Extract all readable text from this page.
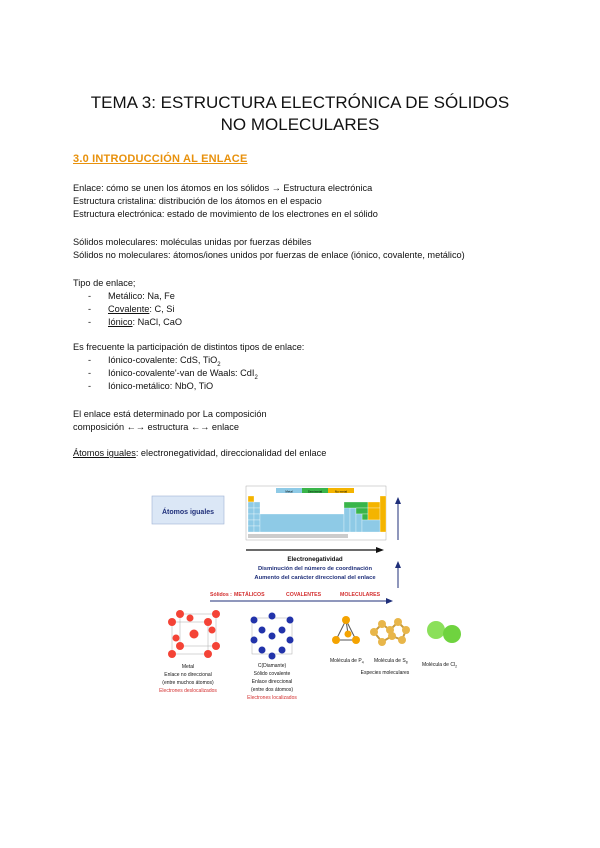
TEMA 3: ESTRUCTURA ELECTRÓNICA DE SÓLIDOS
NO MOLECULARES
3.0 INTRODUCCIÓN AL ENLACE
Enlace: cómo se unen los átomos en los sólidos → Estructura electrónica
Estructura cristalina: distribución de los átomos en el espacio
Estructura electrónica: estado de movimiento de los electrones en el sólido
Sólidos moleculares: moléculas unidas por fuerzas débiles
Sólidos no moleculares: átomos/iones unidos por fuerzas de enlace (iónico, covalente, metálico)
Tipo de enlace;
- Metálico: Na, Fe
- Covalente: C, Si
- Iónico: NaCl, CaO
Es frecuente la participación de distintos tipos de enlace:
- Iónico-covalente: CdS, TiO$_2$
- Iónico-covalente'-van de Waals: CdI$_2$
- Iónico-metálico: NbO, TiO
El enlace está determinado por La composición
composición ←→ estructura ←→ enlace
Átomos iguales: electronegatividad, direccionalidad del enlace
Átomos iguales
Metal	Semimetal	No-metal
Electronegatividad
Disminución del número de coordinación
Aumento del carácter direccional del enlace
Sólidos : METÁLICOS	COVALENTES	MOLECULARES
Metal
Enlace no direccional
(entre muchos átomos)
Electrones deslocalizados
C(Diamante)
Sólido covalente
Enlace direccional
(entre dos átomos)
Electrones localizados
Molécula de $P_4$ Molécula de $S_8$
Especies moleculares
Molécula de $Cl_2$
